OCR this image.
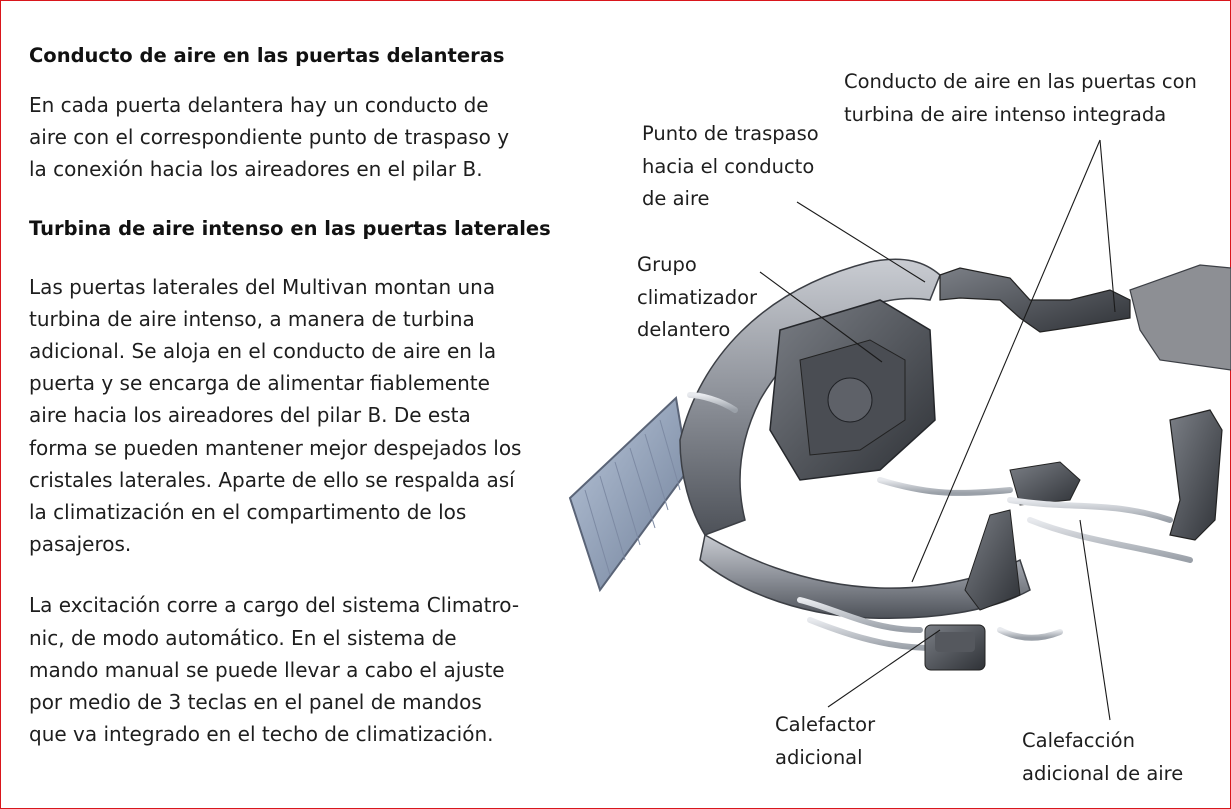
Conducto de aire en las puertas delanteras

En cada puerta delantera hay un conducto de
aire con el correspondiente punto de traspaso y
la conexión hacia los aireadores en el pilar B.

Turbina de aire intenso en las puertas laterales

Las puertas laterales del Multivan montan una
turbina de aire intenso, a manera de turbina
adicional. Se aloja en el conducto de aire en la
puerta y se encarga de alimentar fiablemente
aire hacia los aireadores del pilar B. De esta
forma se pueden mantener mejor despejados los
cristales laterales. Aparte de ello se respalda así
la climatización en el compartimento de los
pasajeros.

La excitación corre a cargo del sistema Climatro-
nic, de modo automático. En el sistema de
mando manual se puede llevar a cabo el ajuste
por medio de 3 teclas en el panel de mandos
que va integrado en el techo de climatización.

Conducto de aire en las puertas con
turbina de aire intenso integrada

Punto de traspaso
hacia el conducto
de aire

Grupo
climatizador
delantero

Calefactor
adicional

Calefacción
adicional de aire
